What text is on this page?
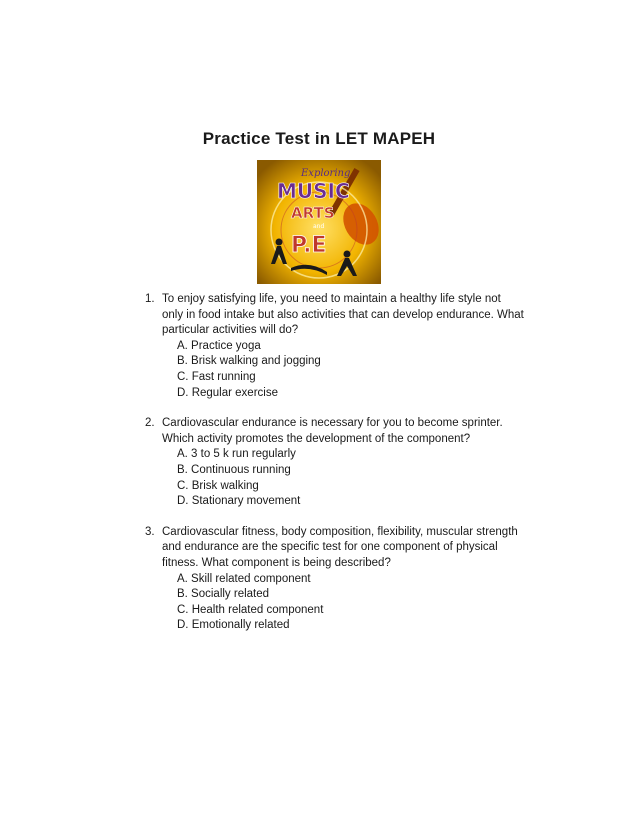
Practice Test in LET MAPEH
Exploring
MUSIC
ARTS
and
P.E
1. To enjoy satisfying life, you need to maintain a healthy life style not only in food intake but also activities that can develop endurance. What particular activities will do?

A. Practice yoga
B. Brisk walking and jogging
C. Fast running
D. Regular exercise
2. Cardiovascular endurance is necessary for you to become sprinter. Which activity promotes the development of the component?

A. 3 to 5 k run regularly
B. Continuous running
C. Brisk walking
D. Stationary movement
3. Cardiovascular fitness, body composition, flexibility, muscular strength and endurance are the specific test for one component of physical fitness. What component is being described?

A. Skill related component
B. Socially related
C. Health related component
D. Emotionally related
